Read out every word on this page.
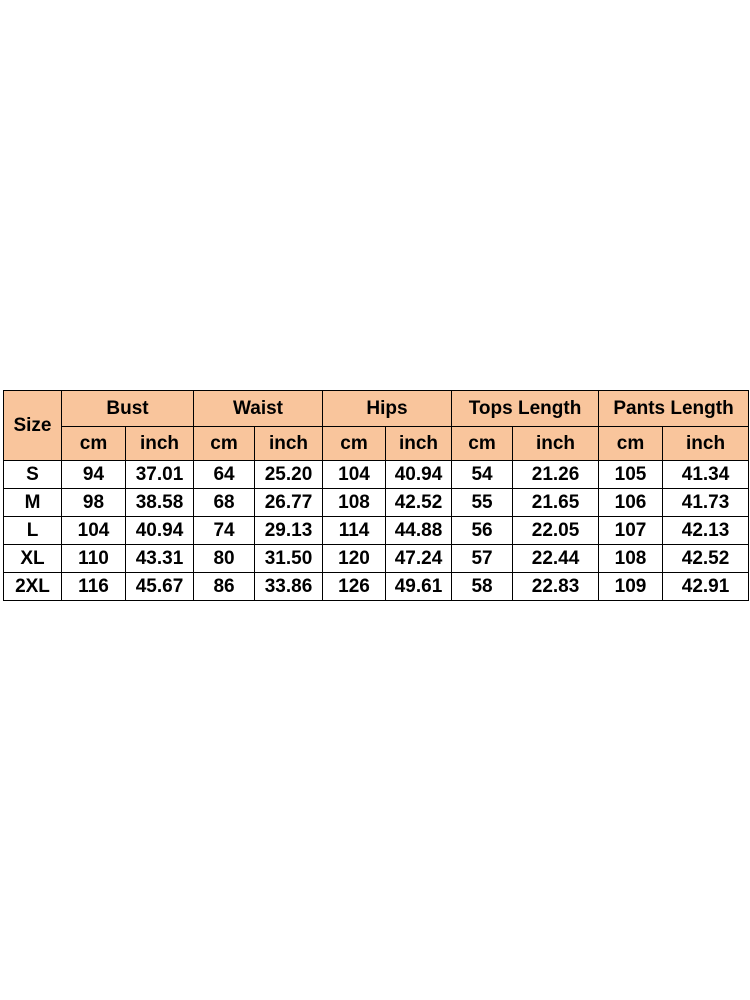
Size	Bust		Waist		Hips		Tops Length		Pants Length	
	cm	inch	cm	inch	cm	inch	cm	inch	cm	inch
S	94	37.01	64	25.20	104	40.94	54	21.26	105	41.34
M	98	38.58	68	26.77	108	42.52	55	21.65	106	41.73
L	104	40.94	74	29.13	114	44.88	56	22.05	107	42.13
XL	110	43.31	80	31.50	120	47.24	57	22.44	108	42.52
2XL	116	45.67	86	33.86	126	49.61	58	22.83	109	42.91
